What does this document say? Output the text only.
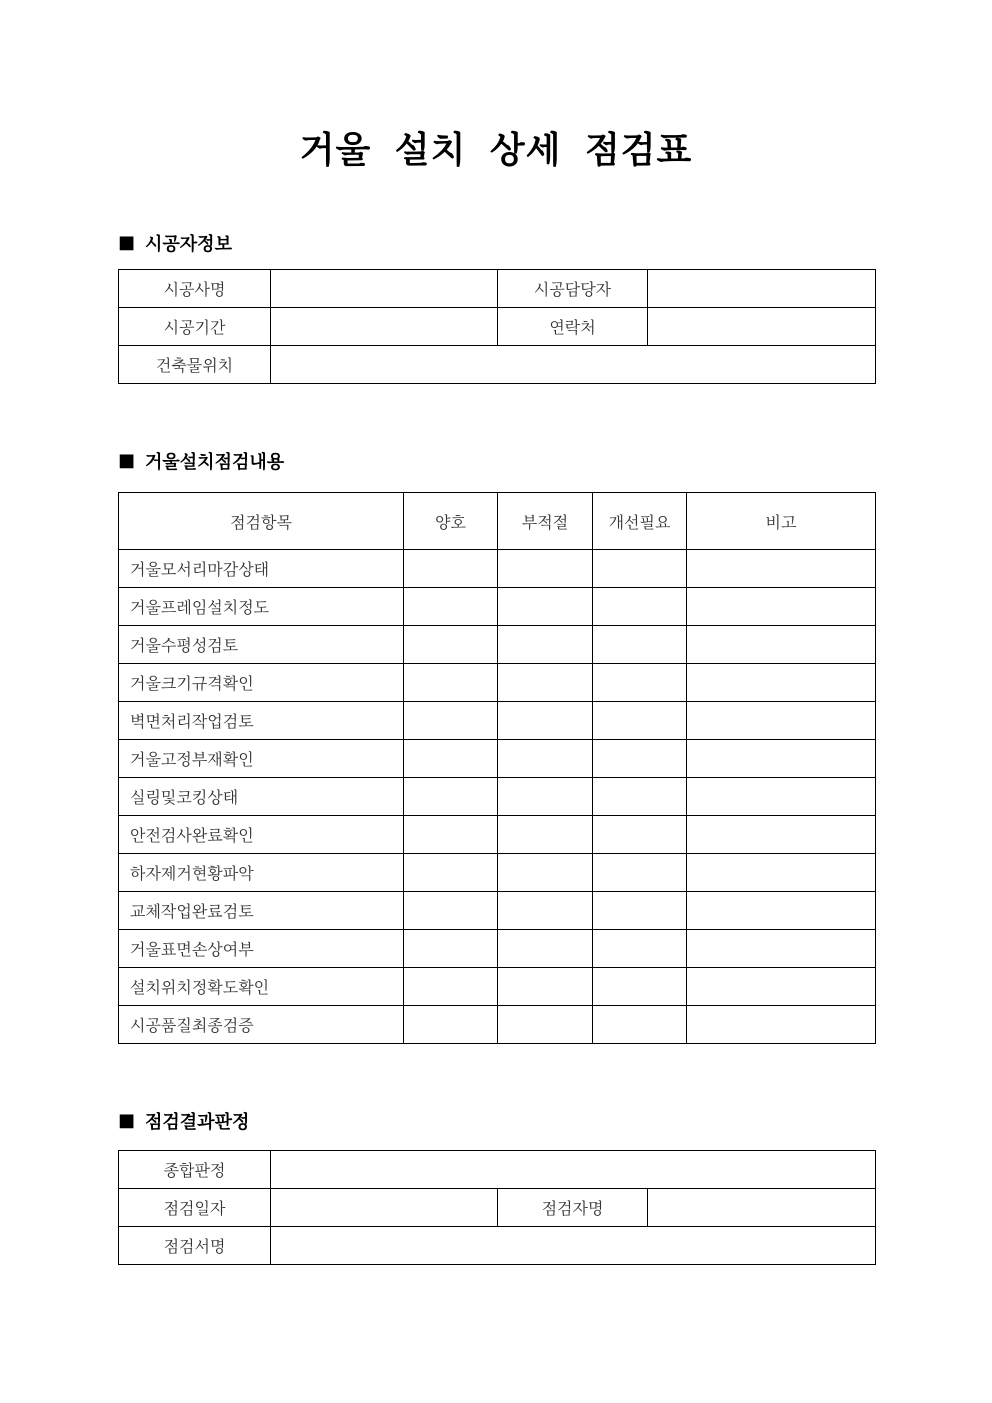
거울 설치 상세 점검표
■ 시공자정보
시공사명		시공담당자	
시공기간		연락처	
건축물위치			
■ 거울설치점검내용
점검항목	양호	부적절	개선필요	비고
거울모서리마감상태				
거울프레임설치정도				
거울수평성검토				
거울크기규격확인				
벽면처리작업검토				
거울고정부재확인				
실링및코킹상태				
안전검사완료확인				
하자제거현황파악				
교체작업완료검토				
거울표면손상여부				
설치위치정확도확인				
시공품질최종검증				
■ 점검결과판정
종합판정			
점검일자		점검자명	
점검서명			
